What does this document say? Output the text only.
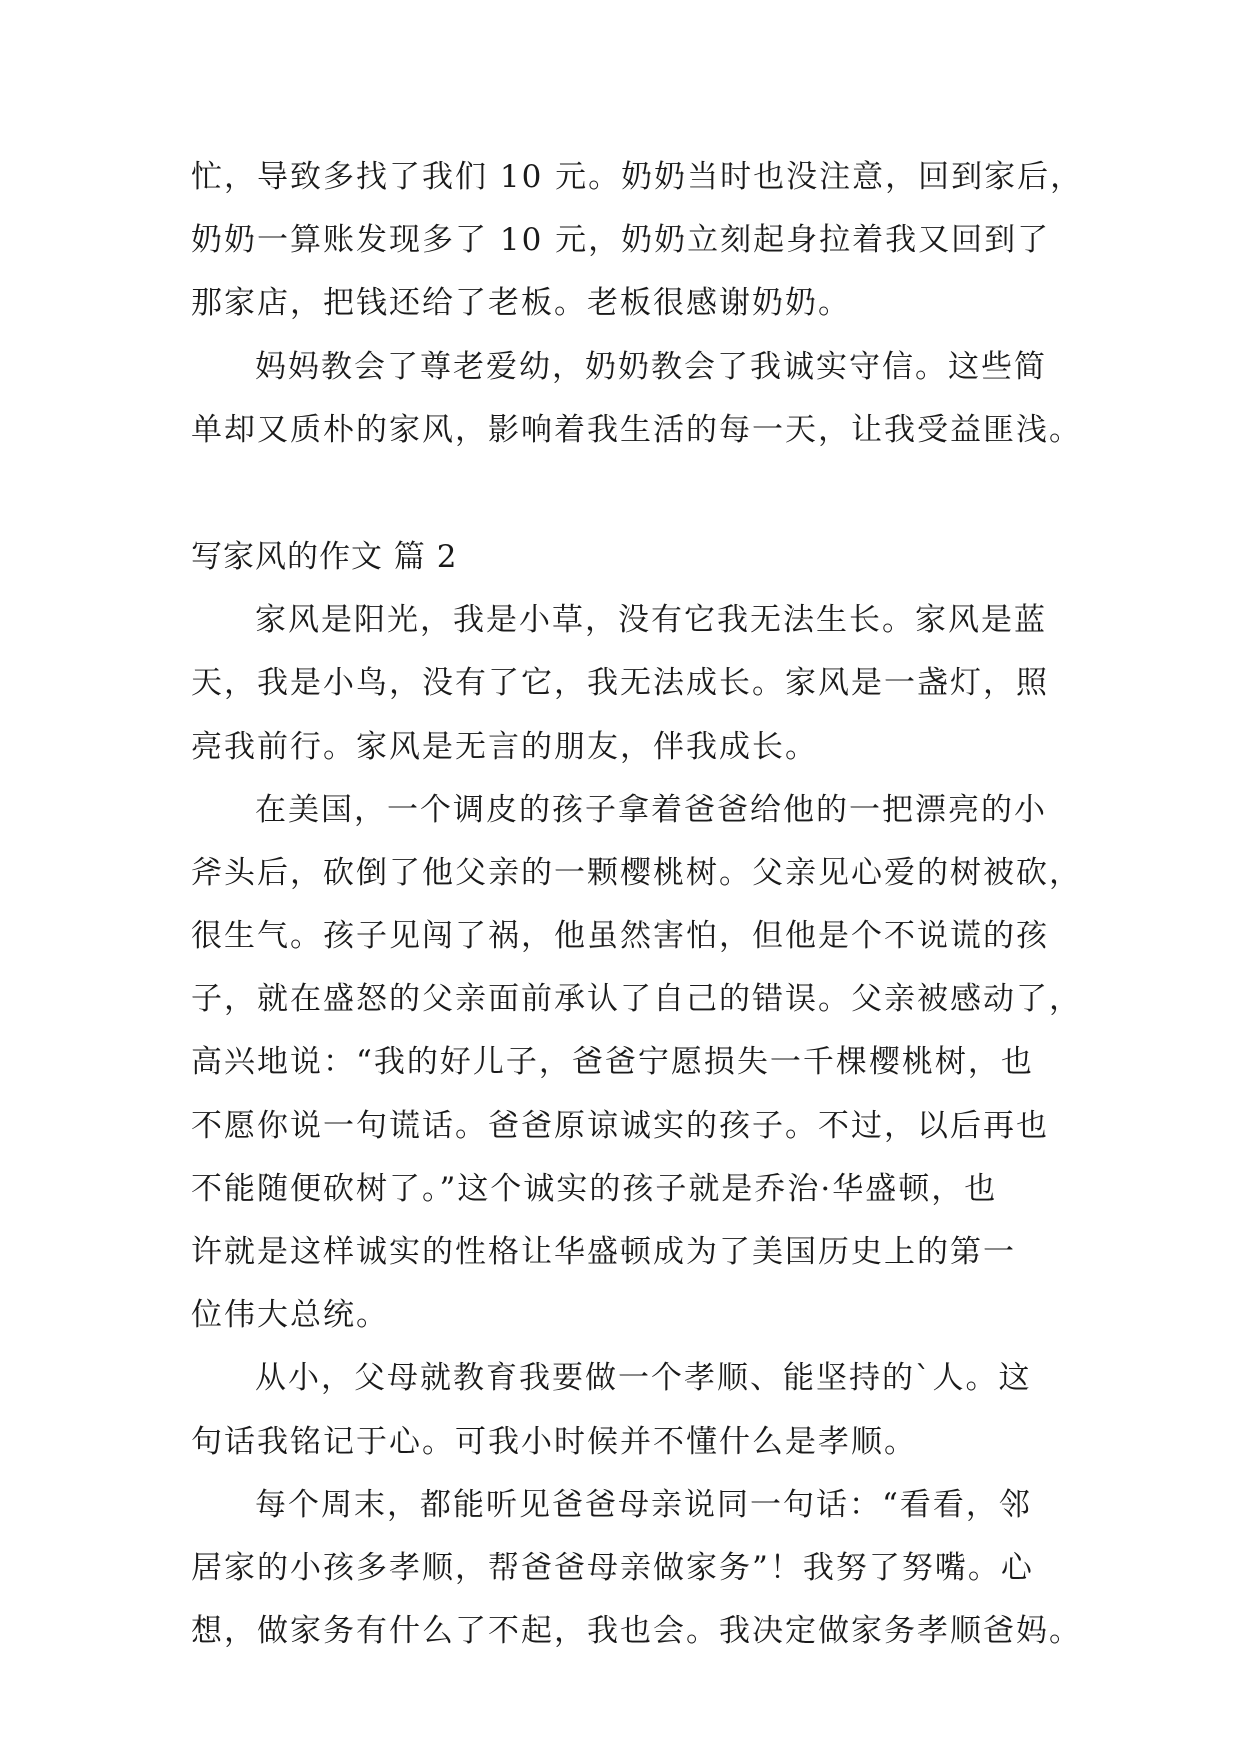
忙，导致多找了我们 10 元。奶奶当时也没注意，回到家后，
奶奶一算账发现多了 10 元，奶奶立刻起身拉着我又回到了
那家店，把钱还给了老板。老板很感谢奶奶。
妈妈教会了尊老爱幼，奶奶教会了我诚实守信。这些简
单却又质朴的家风，影响着我生活的每一天，让我受益匪浅。
写家风的作文 篇 2
家风是阳光，我是小草，没有它我无法生长。家风是蓝
天，我是小鸟，没有了它，我无法成长。家风是一盏灯，照
亮我前行。家风是无言的朋友，伴我成长。
在美国，一个调皮的孩子拿着爸爸给他的一把漂亮的小
斧头后，砍倒了他父亲的一颗樱桃树。父亲见心爱的树被砍，
很生气。孩子见闯了祸，他虽然害怕，但他是个不说谎的孩
子，就在盛怒的父亲面前承认了自己的错误。父亲被感动了，
高兴地说：“我的好儿子，爸爸宁愿损失一千棵樱桃树，也
不愿你说一句谎话。爸爸原谅诚实的孩子。不过，以后再也
不能随便砍树了。”这个诚实的孩子就是乔治·华盛顿，也
许就是这样诚实的性格让华盛顿成为了美国历史上的第一
位伟大总统。
从小，父母就教育我要做一个孝顺、能坚持的`人。这
句话我铭记于心。可我小时候并不懂什么是孝顺。
每个周末，都能听见爸爸母亲说同一句话：“看看，邻
居家的小孩多孝顺，帮爸爸母亲做家务”！我努了努嘴。心
想，做家务有什么了不起，我也会。我决定做家务孝顺爸妈。
